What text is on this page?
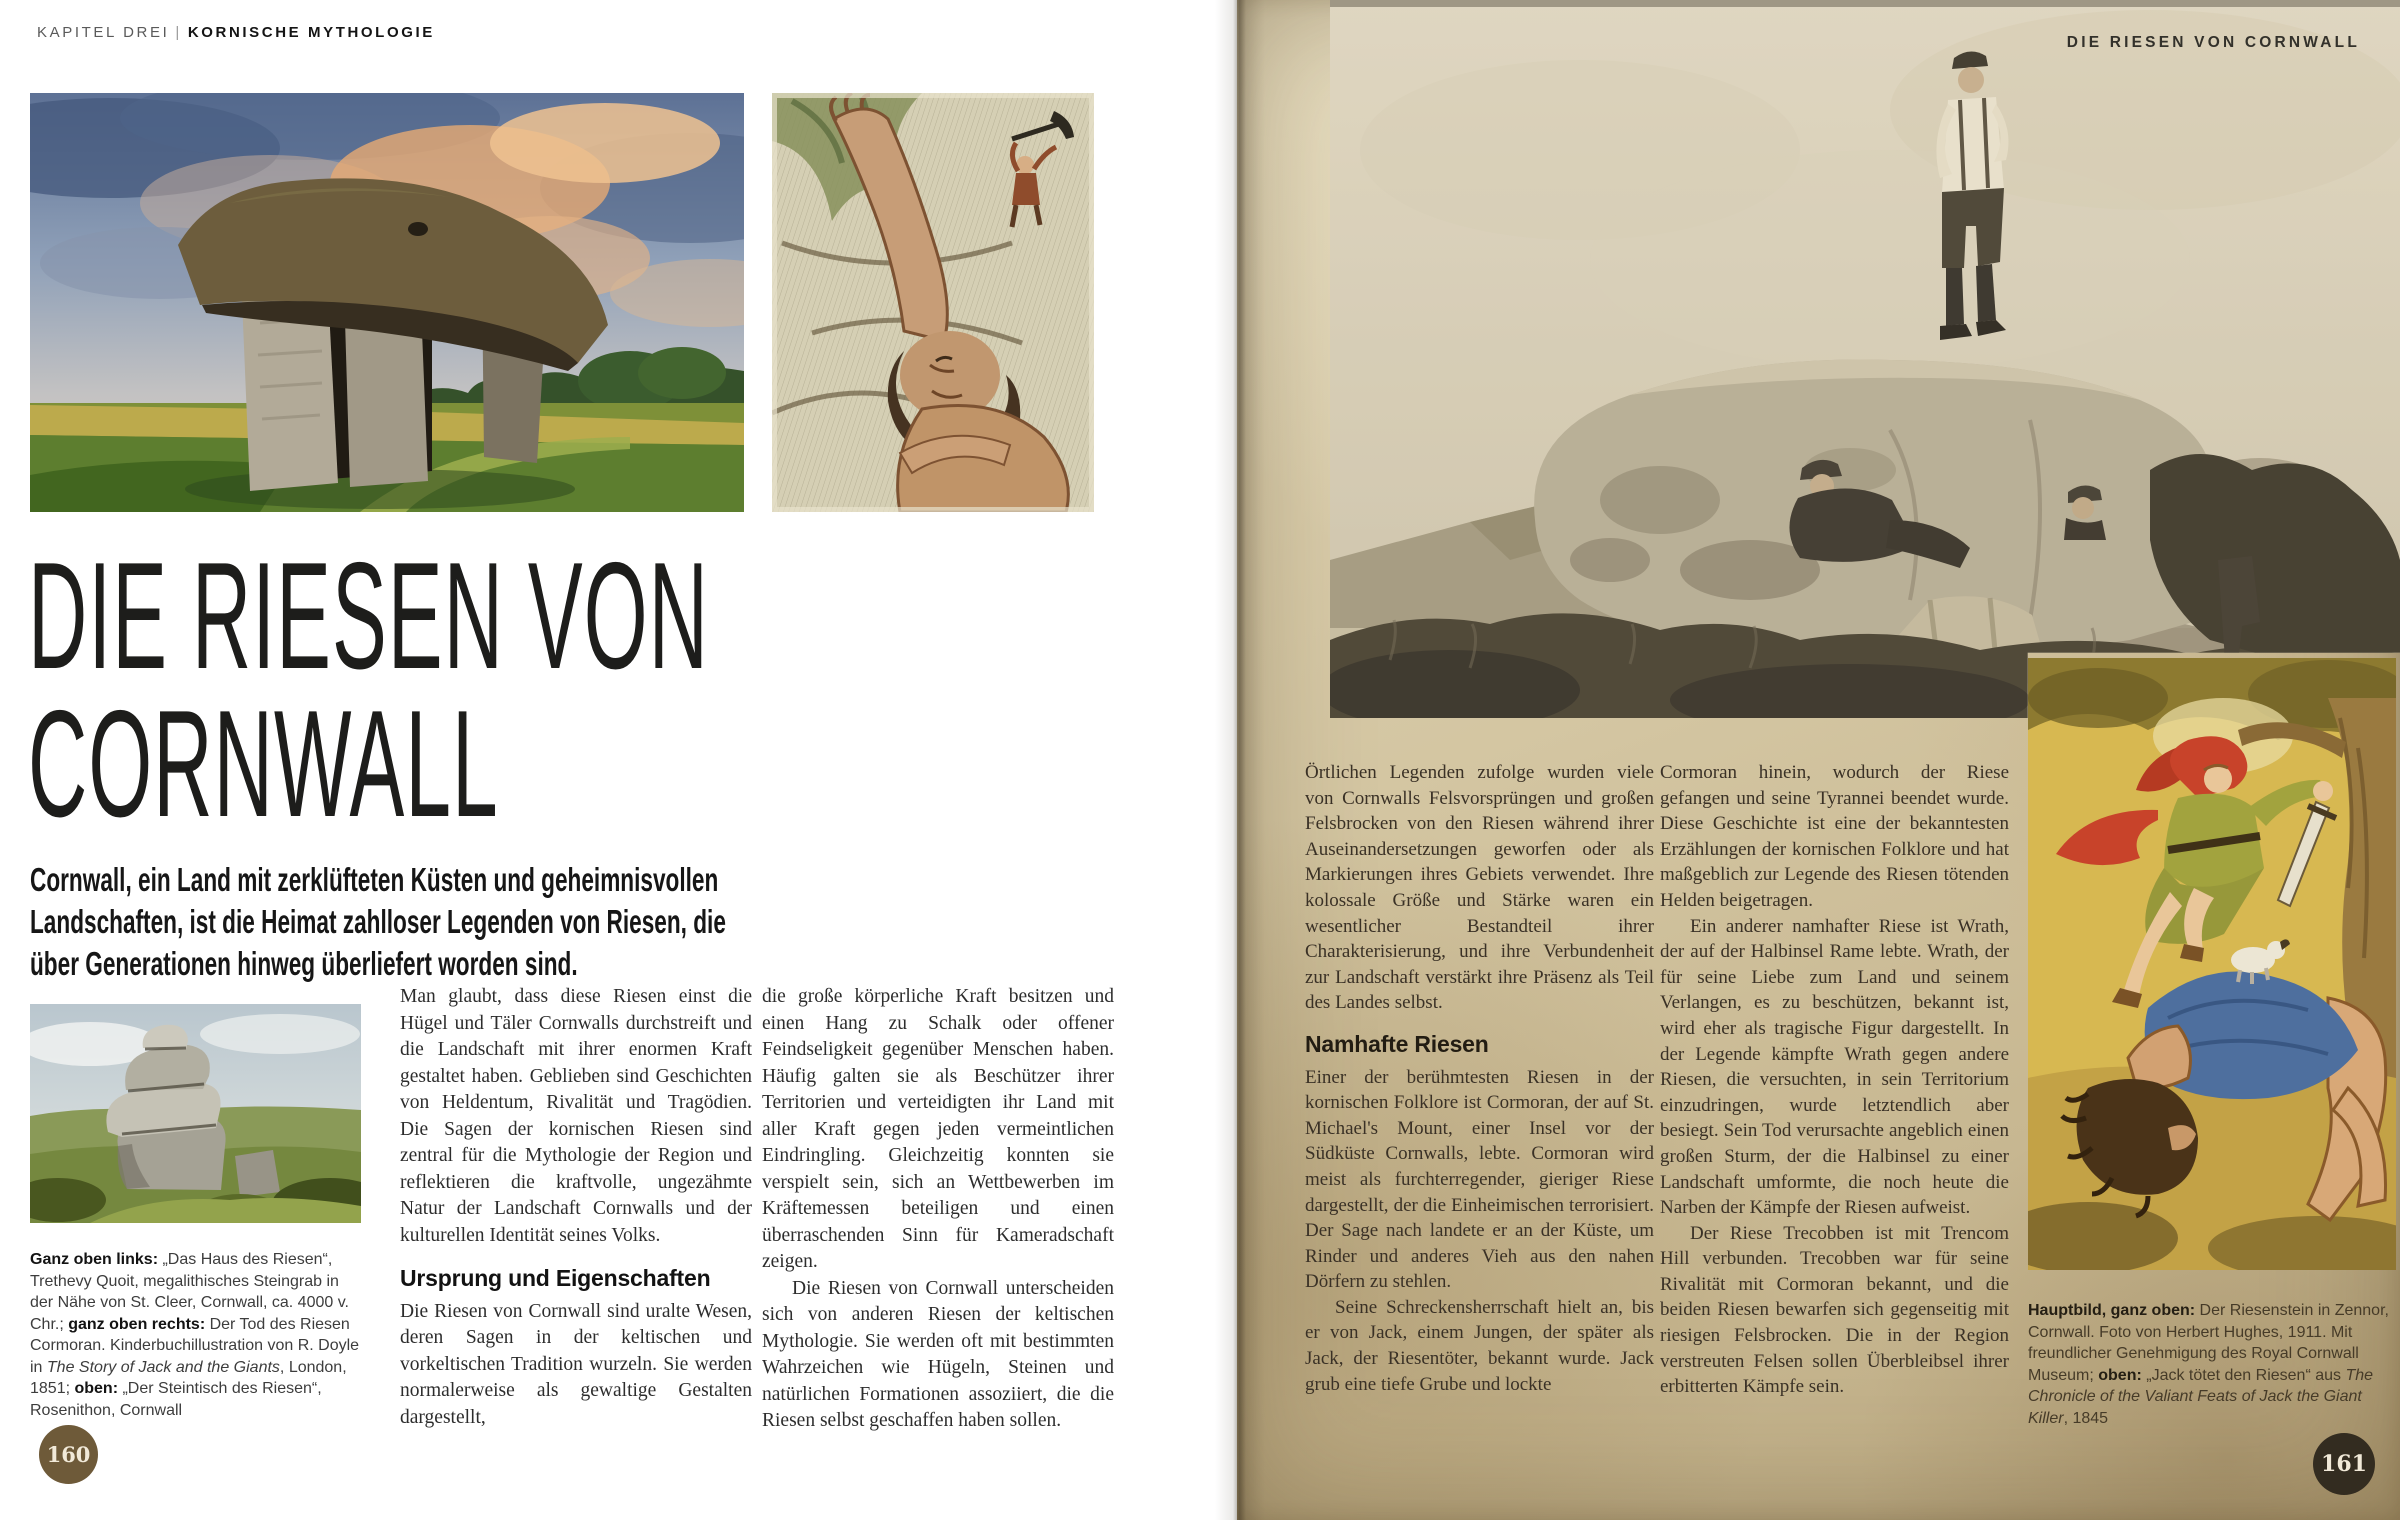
KAPITEL DREI | KORNISCHE MYTHOLOGIE
DIE RIESEN VON
CORNWALL

Cornwall, ein Land mit zerklüfteten Küsten und geheimnisvollen Landschaften, ist die Heimat zahlloser Legenden von Riesen, die über Generationen hinweg überliefert worden sind.

Ganz oben links: „Das Haus des Riesen“, Trethevy Quoit, megalithisches Steingrab in der Nähe von St. Cleer, Cornwall, ca. 4000 v. Chr.; ganz oben rechts: Der Tod des Riesen Cormoran. Kinderbuchillustration von R. Doyle in The Story of Jack and the Giants, London, 1851; oben: „Der Steintisch des Riesen“, Rosenithon, Cornwall

Man glaubt, dass diese Riesen einst die Hügel und Täler Cornwalls durchstreift und die Landschaft mit ihrer enormen Kraft gestaltet haben. Geblieben sind Geschichten von Heldentum, Rivalität und Tragödien. Die Sagen der kornischen Riesen sind zentral für die Mythologie der Region und reflektieren die kraftvolle, ungezähmte Natur der Landschaft Cornwalls und der kulturellen Identität seines Volks.

Ursprung und Eigenschaften

Die Riesen von Cornwall sind uralte Wesen, deren Sagen in der keltischen und vorkeltischen Tradition wurzeln. Sie werden normalerweise als gewaltige Gestalten dargestellt,

die große körperliche Kraft besitzen und einen Hang zu Schalk oder offener Feindseligkeit gegenüber Menschen haben. Häufig galten sie als Beschützer ihrer Territorien und verteidigten ihr Land mit aller Kraft gegen jeden vermeintlichen Eindringling. Gleichzeitig konnten sie verspielt sein, sich an Wettbewerben im Kräftemessen beteiligen und einen überraschenden Sinn für Kameradschaft zeigen.

Die Riesen von Cornwall unterscheiden sich von anderen Riesen der keltischen Mythologie. Sie werden oft mit bestimmten Wahrzeichen wie Hügeln, Steinen und natürlichen Formationen assoziiert, die die Riesen selbst geschaffen haben sollen.

160
DIE RIESEN VON CORNWALL

Örtlichen Legenden zufolge wurden viele von Cornwalls Felsvorsprüngen und großen Felsbrocken von den Riesen während ihrer Auseinandersetzungen geworfen oder als Markierungen ihres Gebiets verwendet. Ihre kolossale Größe und Stärke waren ein wesentlicher Bestandteil ihrer Charakterisierung, und ihre Verbundenheit zur Landschaft verstärkt ihre Präsenz als Teil des Landes selbst.

Namhafte Riesen

Einer der berühmtesten Riesen in der kornischen Folklore ist Cormoran, der auf St. Michael's Mount, einer Insel vor der Südküste Cornwalls, lebte. Cormoran wird meist als furchterregender, gieriger Riese dargestellt, der die Einheimischen terrorisiert. Der Sage nach landete er an der Küste, um Rinder und anderes Vieh aus den nahen Dörfern zu stehlen.

Seine Schreckensherrschaft hielt an, bis er von Jack, einem Jungen, der später als Jack, der Riesentöter, bekannt wurde. Jack grub eine tiefe Grube und lockte

Cormoran hinein, wodurch der Riese gefangen und seine Tyrannei beendet wurde. Diese Geschichte ist eine der bekanntesten Erzählungen der kornischen Folklore und hat maßgeblich zur Legende des Riesen tötenden Helden beigetragen.

Ein anderer namhafter Riese ist Wrath, der auf der Halbinsel Rame lebte. Wrath, der für seine Liebe zum Land und seinem Verlangen, es zu beschützen, bekannt ist, wird eher als tragische Figur dargestellt. In der Legende kämpfte Wrath gegen andere Riesen, die versuchten, in sein Territorium einzudringen, wurde letztendlich aber besiegt. Sein Tod verursachte angeblich einen großen Sturm, der die Halbinsel zu einer Landschaft umformte, die noch heute die Narben der Kämpfe der Riesen aufweist.

Der Riese Trecobben ist mit Trencom Hill verbunden. Trecobben war für seine Rivalität mit Cormoran bekannt, und die beiden Riesen bewarfen sich gegenseitig mit riesigen Felsbrocken. Die in der Region verstreuten Felsen sollen Überbleibsel ihrer erbitterten Kämpfe sein.

Hauptbild, ganz oben: Der Riesenstein in Zennor, Cornwall. Foto von Herbert Hughes, 1911. Mit freundlicher Genehmigung des Royal Cornwall Museum; oben: „Jack tötet den Riesen“ aus The Chronicle of the Valiant Feats of Jack the Giant Killer, 1845
161
